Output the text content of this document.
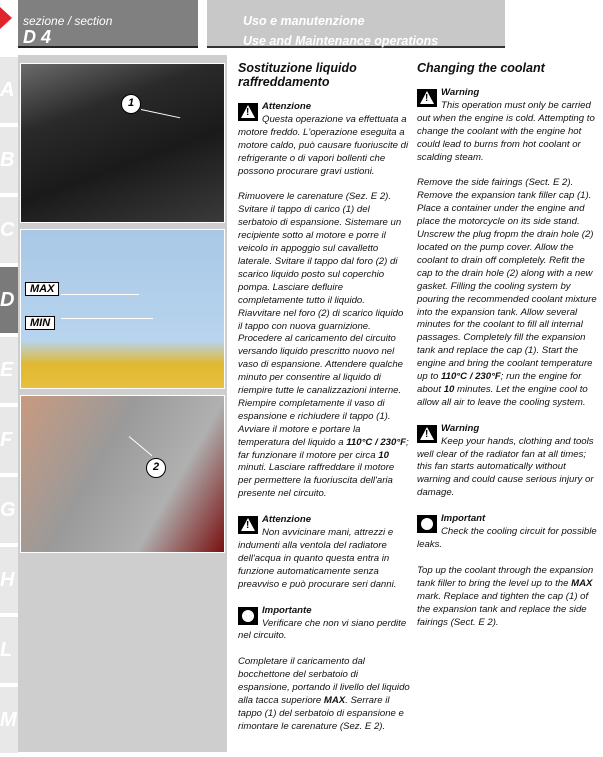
sezione / section
D 4
Uso e manutenzione
Use and Maintenance operations
A
B
C
D
E
F
G
H
L
M
1
MAX
MIN
2
Sostituzione liquido raffreddamento
!
Attenzione
Questa operazione va effettuata a motore freddo. L'operazione eseguita a motore caldo, può causare fuoriuscite di refrigerante o di vapori bollenti che possono procurare gravi ustioni.

Rimuovere le carenature (Sez. E 2). Svitare il tappo di carico (1) del serbatoio di espansione. Sistemare un recipiente sotto al motore e porre il veicolo in appoggio sul cavalletto laterale. Svitare il tappo dal foro (2) di scarico liquido posto sul coperchio pompa. Lasciare defluire completamente tutto il liquido. Riavvitare nel foro (2) di scarico liquido il tappo con nuova guarnizione. Procedere al caricamento del circuito versando liquido prescritto nuovo nel vaso di espansione. Attendere qualche minuto per consentire al liquido di riempire tutte le canalizzazioni interne. Riempire completamente il vaso di espansione e richiudere il tappo (1). Avviare il motore e portare la temperatura del liquido a 110°C / 230°F; far funzionare il motore per circa 10 minuti. Lasciare raffreddare il motore per permettere la fuoriuscita dell'aria presente nel circuito.

!
Attenzione
Non avvicinare mani, attrezzi e indumenti alla ventola del radiatore dell'acqua in quanto questa entra in funzione automaticamente senza preavviso e può procurare seri danni.
Importante
Verificare che non vi siano perdite nel circuito.

Completare il caricamento dal bocchettone del serbatoio di espansione, portando il livello del liquido alla tacca superiore MAX. Serrare il tappo (1) del serbatoio di espansione e rimontare le carenature (Sez. E 2).

Changing the coolant
!
Warning
This operation must only be carried out when the engine is cold. Attempting to change the coolant with the engine hot could lead to burns from hot coolant or scalding steam.

Remove the side fairings (Sect. E 2). Remove the expansion tank filler cap (1). Place a container under the engine and place the motorcycle on its side stand. Unscrew the plug fropm the drain hole (2) located on the pump cover. Allow the coolant to drain off completely. Refit the cap to the drain hole (2) along with a new gasket. Filling the cooling system by pouring the recommended coolant mixture into the expansion tank. Allow several minutes for the coolant to fill all internal passages. Completely fill the expansion tank and replace the cap (1). Start the engine and bring the coolant temperature up to 110°C / 230°F; run the engine for about 10 minutes. Let the engine cool to allow all air to leave the cooling system.

!
Warning
Keep your hands, clothing and tools well clear of the radiator fan at all times; this fan starts automatically without warning and could cause serious injury or damage.
Important
Check the cooling circuit for possible leaks.

Top up the coolant through the expansion tank filler to bring the level up to the MAX mark. Replace and tighten the cap (1) of the expansion tank and replace the side fairings (Sect. E 2).
